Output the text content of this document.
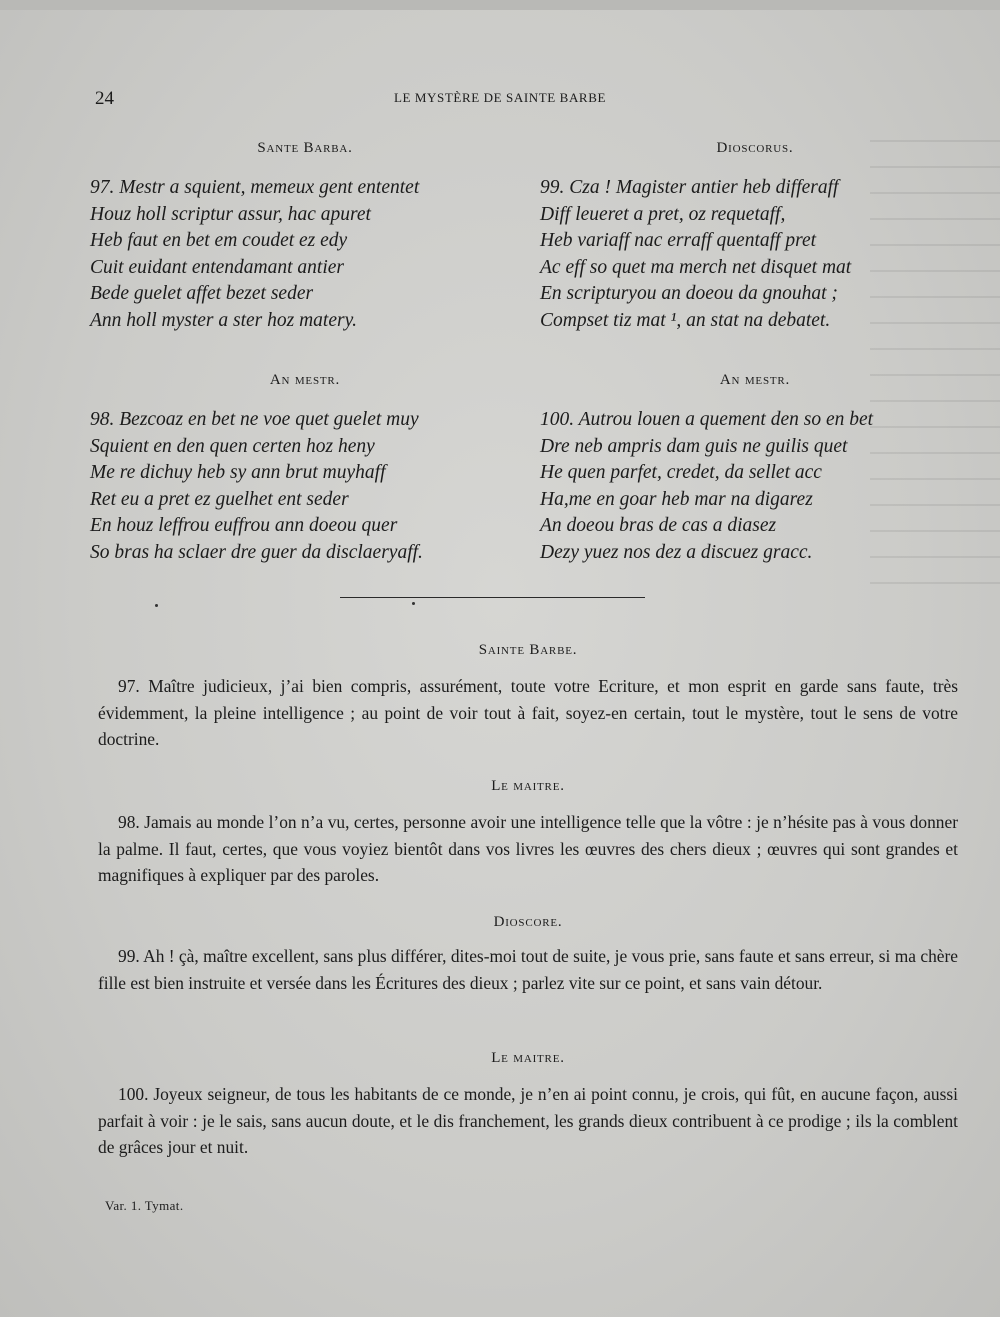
24	LE MYSTÈRE DE SAINTE BARBE
Sante Barba.
97. Mestr a squient, memeux gent ententet
Houz holl scriptur assur, hac apuret
Heb faut en bet em coudet ez edy
Cuit euidant entendamant antier
Bede guelet affet bezet seder
Ann holl myster a ster hoz matery.
An mestr.
98. Bezcoaz en bet ne voe quet guelet muy
Squient en den quen certen hoz heny
Me re dichuy heb sy ann brut muyhaff
Ret eu a pret ez guelhet ent seder
En houz leffrou euffrou ann doeou quer
So bras ha sclaer dre guer da disclaeryaff.
Dioscorus.
99. Cza ! Magister antier heb differaff
Diff leueret a pret, oz requetaff,
Heb variaff nac erraff quentaff pret
Ac eff so quet ma merch net disquet mat
En scripturyou an doeou da gnouhat ;
Compset tiz mat ¹, an stat na debatet.
An mestr.
100. Autrou louen a quement den so en bet
Dre neb ampris dam guis ne guilis quet
He quen parfet, credet, da sellet acc
Ha,me en goar heb mar na digarez
An doeou bras de cas a diasez
Dezy yuez nos dez a discuez gracc.
Sainte Barbe.
97. Maître judicieux, j’ai bien compris, assurément, toute votre Ecriture, et mon esprit en garde sans faute, très évidemment, la pleine intelligence ; au point de voir tout à fait, soyez-en certain, tout le mystère, tout le sens de votre doctrine.
Le maitre.
98. Jamais au monde l’on n’a vu, certes, personne avoir une intelligence telle que la vôtre : je n’hésite pas à vous donner la palme. Il faut, certes, que vous voyiez bientôt dans vos livres les œuvres des chers dieux ; œuvres qui sont grandes et magnifiques à expliquer par des paroles.
Dioscore.
99. Ah ! çà, maître excellent, sans plus différer, dites-moi tout de suite, je vous prie, sans faute et sans erreur, si ma chère fille est bien instruite et versée dans les Écritures des dieux ; parlez vite sur ce point, et sans vain détour.
Le maitre.
100. Joyeux seigneur, de tous les habitants de ce monde, je n’en ai point connu, je crois, qui fût, en aucune façon, aussi parfait à voir : je le sais, sans aucun doute, et le dis franchement, les grands dieux contribuent à ce prodige ; ils la comblent de grâces jour et nuit.
Var. 1. Tymat.
